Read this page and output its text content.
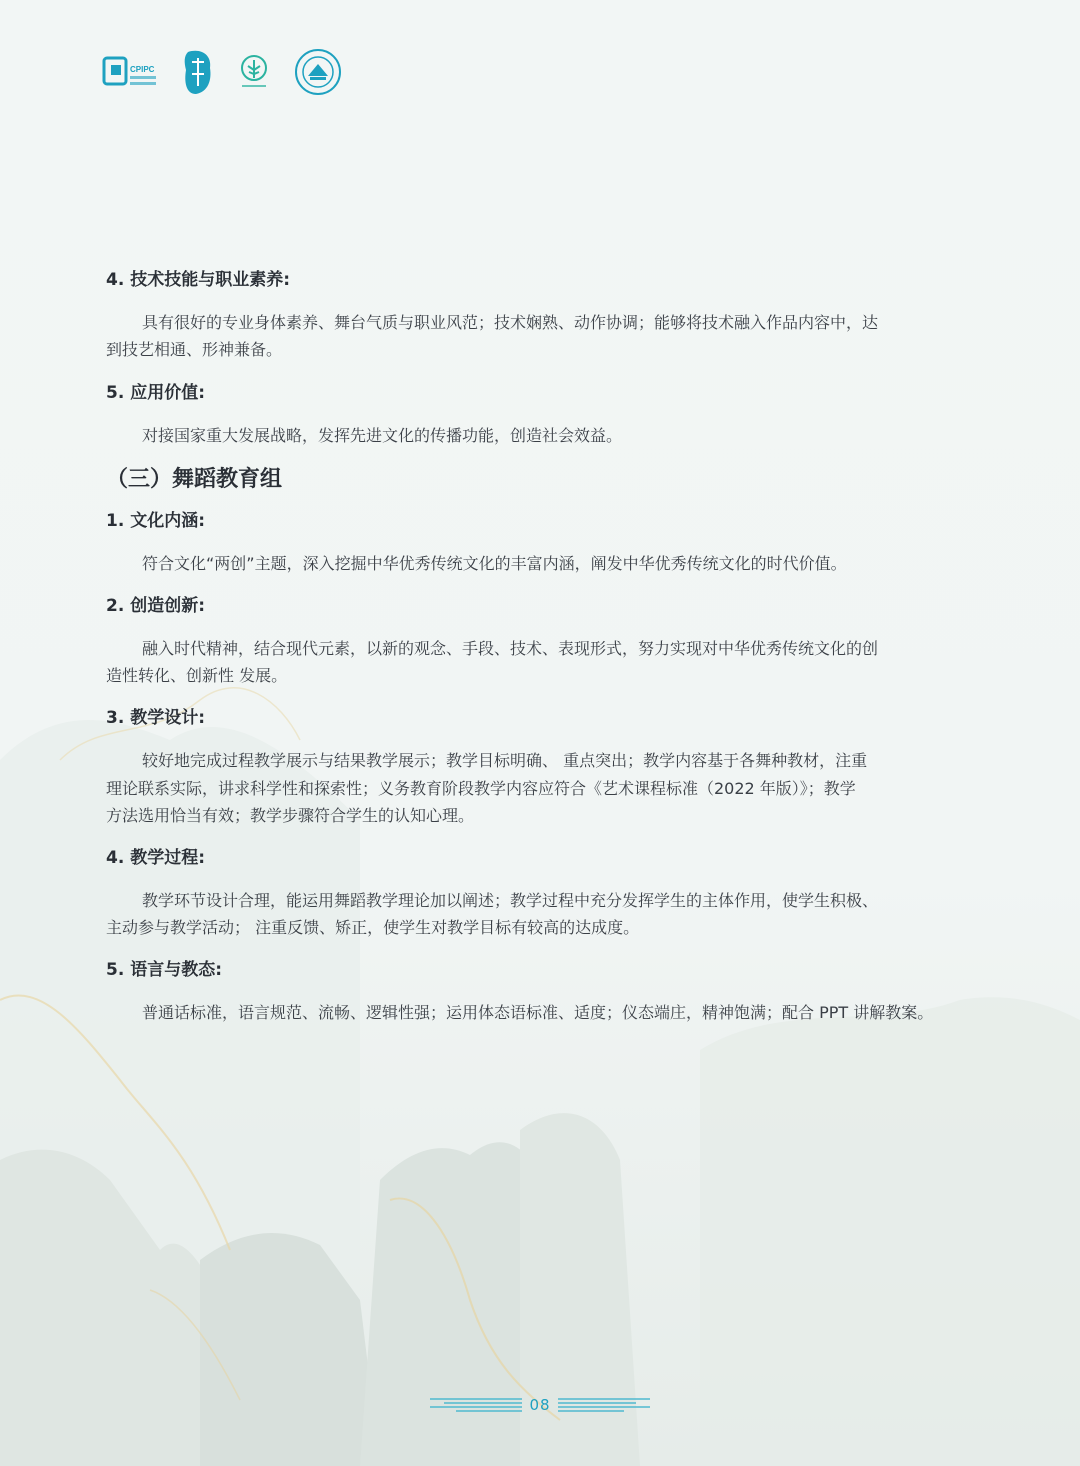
CPIPC
4. 技术技能与职业素养:
具有很好的专业身体素养、舞台气质与职业风范；技术娴熟、动作协调；能够将技术融入作品内容中，达
到技艺相通、形神兼备。
5. 应用价值:
对接国家重大发展战略，发挥先进文化的传播功能，创造社会效益。
（三）舞蹈教育组
1. 文化内涵:
符合文化“两创”主题，深入挖掘中华优秀传统文化的丰富内涵，阐发中华优秀传统文化的时代价值。
2. 创造创新:
融入时代精神，结合现代元素，以新的观念、手段、技术、表现形式，努力实现对中华优秀传统文化的创
造性转化、创新性 发展。
3. 教学设计:
较好地完成过程教学展示与结果教学展示；教学目标明确、 重点突出；教学内容基于各舞种教材，注重
理论联系实际，讲求科学性和探索性；义务教育阶段教学内容应符合《艺术课程标准（2022 年版）》；教学
方法选用恰当有效；教学步骤符合学生的认知心理。
4. 教学过程:
教学环节设计合理，能运用舞蹈教学理论加以阐述；教学过程中充分发挥学生的主体作用，使学生积极、
主动参与教学活动； 注重反馈、矫正，使学生对教学目标有较高的达成度。
5. 语言与教态:
普通话标准，语言规范、流畅、逻辑性强；运用体态语标准、适度；仪态端庄，精神饱满；配合 PPT 讲解教案。
08
